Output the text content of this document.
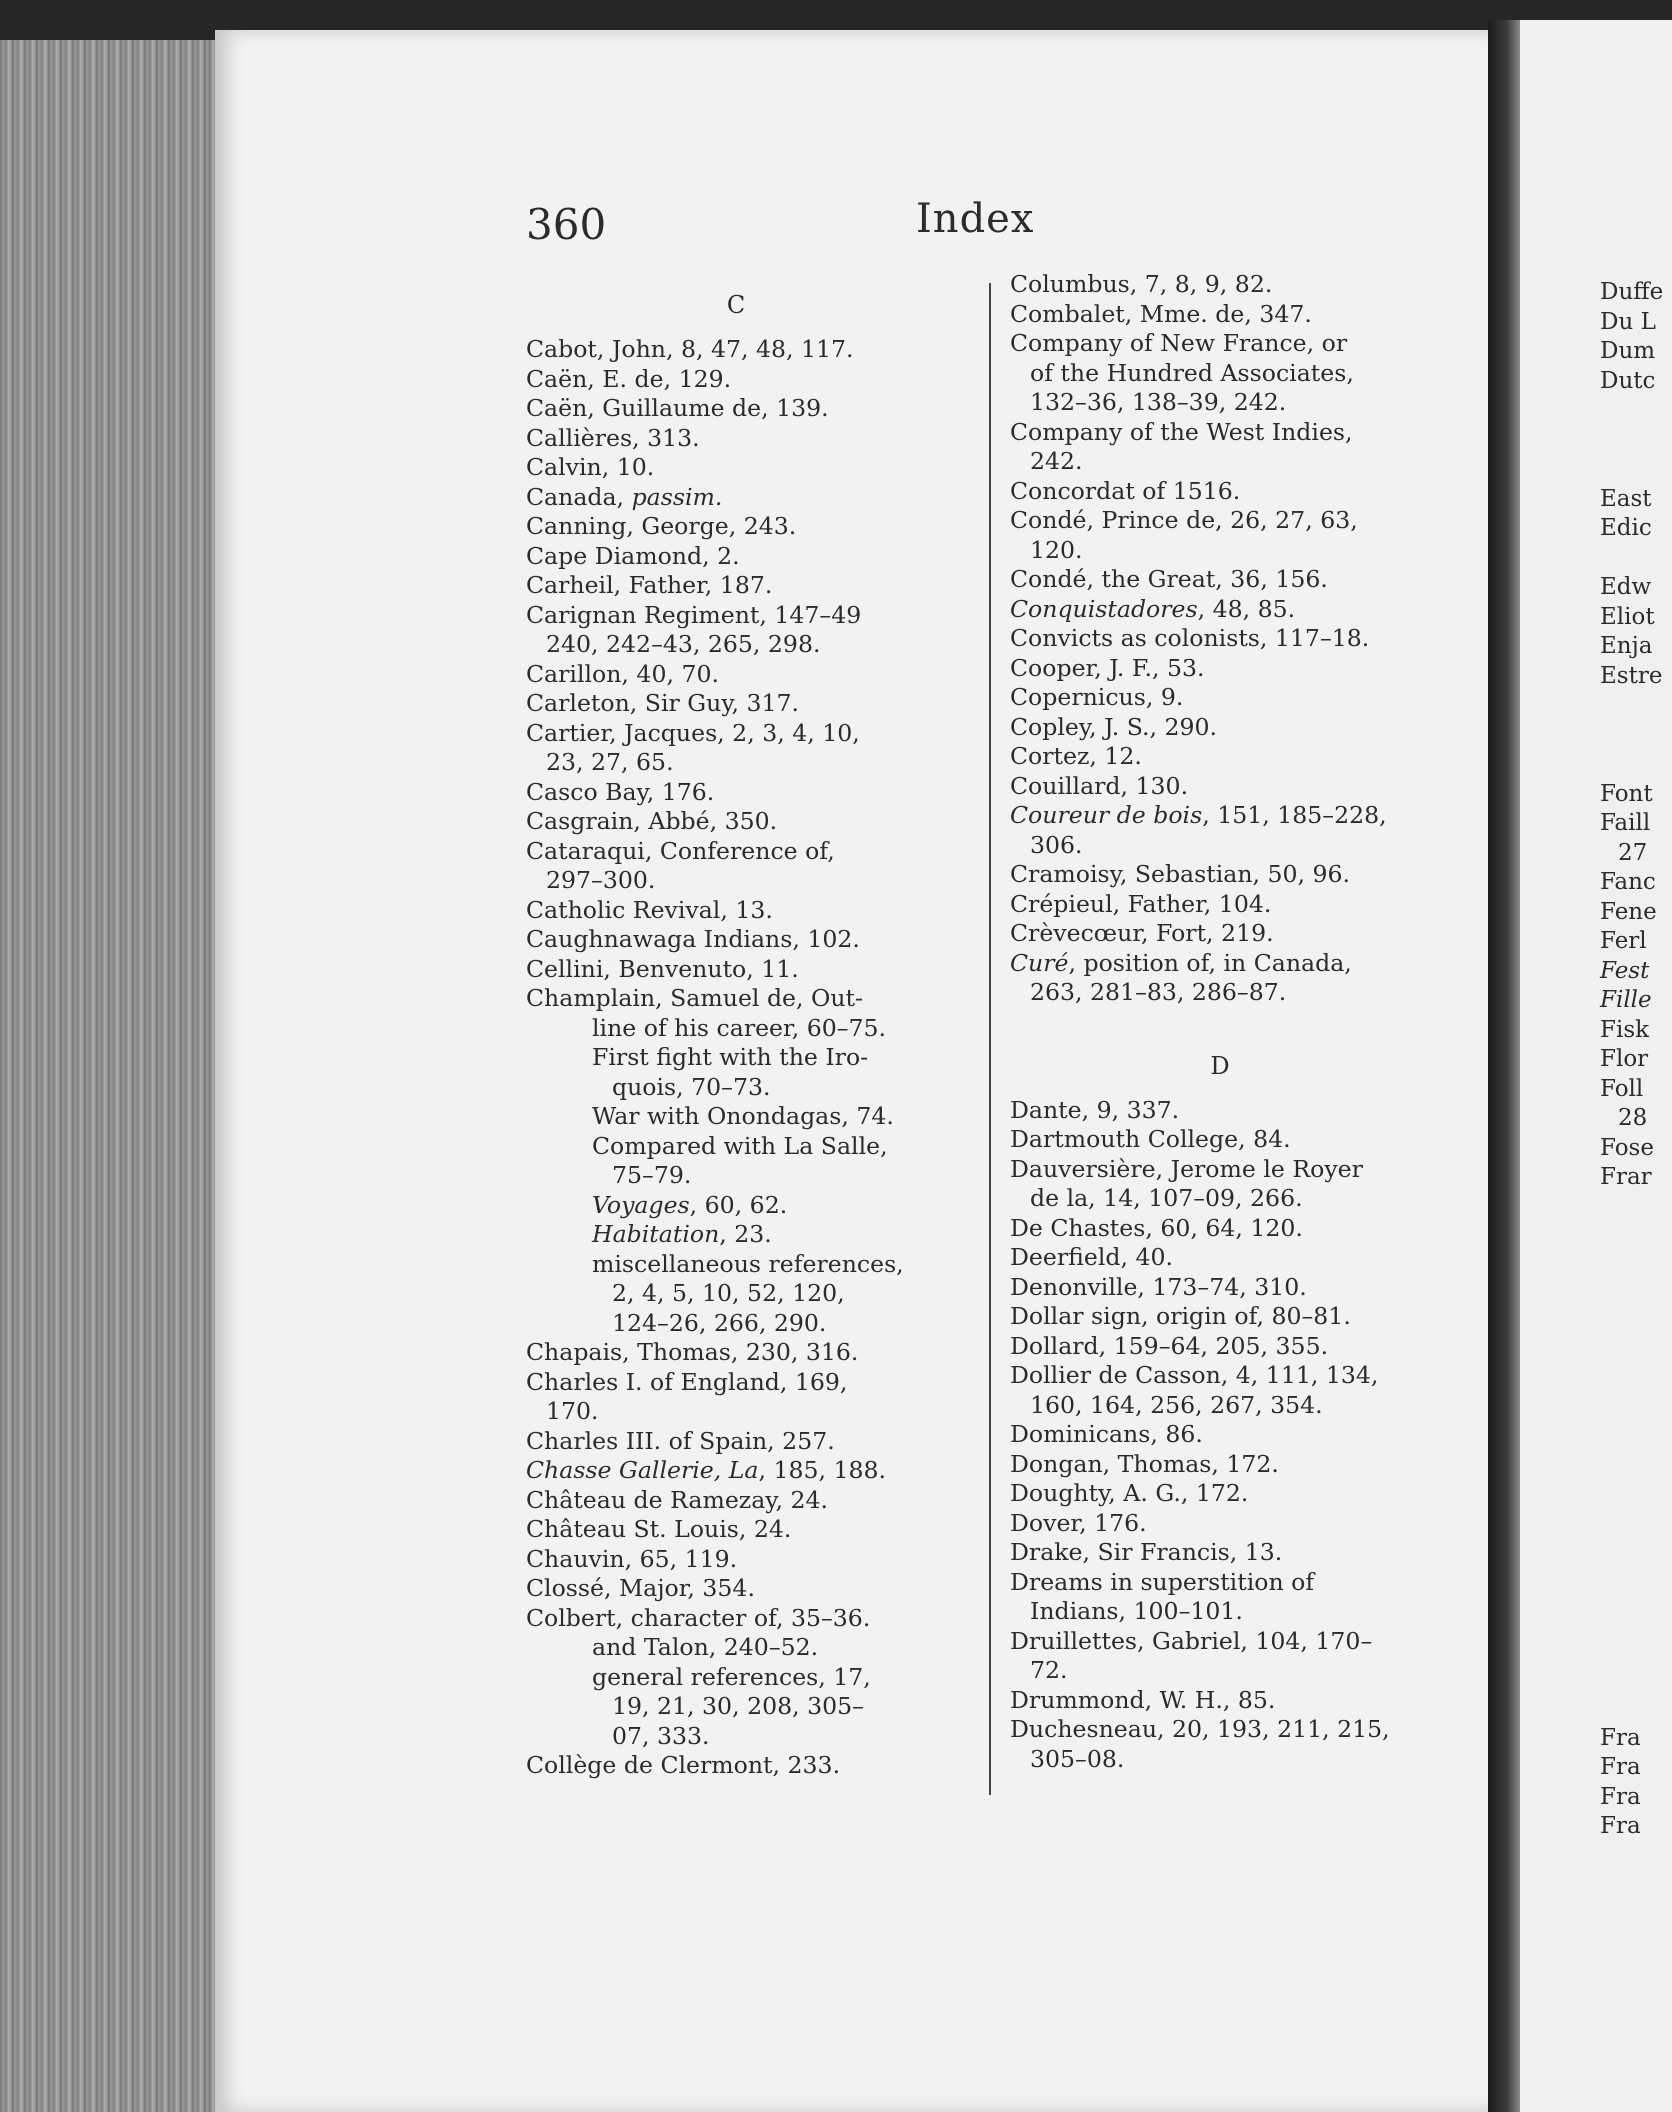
360	Index
C
Cabot, John, 8, 47, 48, 117.
Caën, E. de, 129.
Caën, Guillaume de, 139.
Callières, 313.
Calvin, 10.
Canada, passim.
Canning, George, 243.
Cape Diamond, 2.
Carheil, Father, 187.
Carignan Regiment, 147–49
240, 242–43, 265, 298.
Carillon, 40, 70.
Carleton, Sir Guy, 317.
Cartier, Jacques, 2, 3, 4, 10,
23, 27, 65.
Casco Bay, 176.
Casgrain, Abbé, 350.
Cataraqui, Conference of,
297–300.
Catholic Revival, 13.
Caughnawaga Indians, 102.
Cellini, Benvenuto, 11.
Champlain, Samuel de, Out-
line of his career, 60–75.
First fight with the Iro-
quois, 70–73.
War with Onondagas, 74.
Compared with La Salle,
75–79.
Voyages, 60, 62.
Habitation, 23.
miscellaneous references,
2, 4, 5, 10, 52, 120,
124–26, 266, 290.
Chapais, Thomas, 230, 316.
Charles I. of England, 169,
170.
Charles III. of Spain, 257.
Chasse Gallerie, La, 185, 188.
Château de Ramezay, 24.
Château St. Louis, 24.
Chauvin, 65, 119.
Clossé, Major, 354.
Colbert, character of, 35–36.
and Talon, 240–52.
general references, 17,
19, 21, 30, 208, 305–
07, 333.
Collège de Clermont, 233.
Columbus, 7, 8, 9, 82.
Combalet, Mme. de, 347.
Company of New France, or
of the Hundred Associates,
132–36, 138–39, 242.
Company of the West Indies,
242.
Concordat of 1516.
Condé, Prince de, 26, 27, 63,
120.
Condé, the Great, 36, 156.
Conquistadores, 48, 85.
Convicts as colonists, 117–18.
Cooper, J. F., 53.
Copernicus, 9.
Copley, J. S., 290.
Cortez, 12.
Couillard, 130.
Coureur de bois, 151, 185–228,
306.
Cramoisy, Sebastian, 50, 96.
Crépieul, Father, 104.
Crèvecœur, Fort, 219.
Curé, position of, in Canada,
263, 281–83, 286–87.
D
Dante, 9, 337.
Dartmouth College, 84.
Dauversière, Jerome le Royer
de la, 14, 107–09, 266.
De Chastes, 60, 64, 120.
Deerfield, 40.
Denonville, 173–74, 310.
Dollar sign, origin of, 80–81.
Dollard, 159–64, 205, 355.
Dollier de Casson, 4, 111, 134,
160, 164, 256, 267, 354.
Dominicans, 86.
Dongan, Thomas, 172.
Doughty, A. G., 172.
Dover, 176.
Drake, Sir Francis, 13.
Dreams in superstition of
Indians, 100–101.
Druillettes, Gabriel, 104, 170–
72.
Drummond, W. H., 85.
Duchesneau, 20, 193, 211, 215,
305–08.
Duffe
Du L
Dum
Dutc
East
Edic
Edw
Eliot
Enja
Estre
Font
Faill
27
Fanc
Fene
Ferl
Fest
Fille
Fisk
Flor
Foll
28
Fose
Frar
Fra
Fra
Fra
Fra
